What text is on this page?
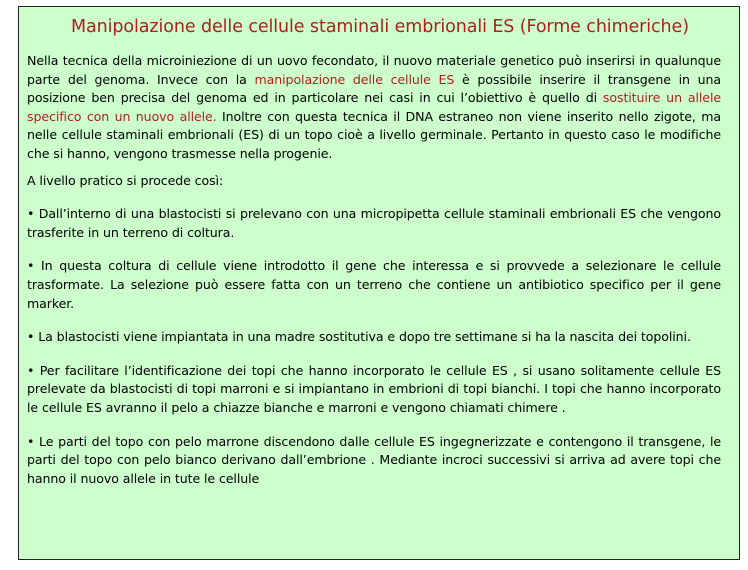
Manipolazione delle cellule staminali embrionali ES (Forme chimeriche)

Nella tecnica della microiniezione di un uovo fecondato, il nuovo materiale genetico può inserirsi in qualunque parte del genoma. Invece con la manipolazione delle cellule ES è possibile inserire il transgene in una posizione ben precisa del genoma ed in particolare nei casi in cui l’obiettivo è quello di sostituire un allele specifico con un nuovo allele. Inoltre con questa tecnica il DNA estraneo non viene inserito nello zigote, ma nelle cellule staminali embrionali (ES) di un topo cioè a livello germinale. Pertanto in questo caso le modifiche che si hanno, vengono trasmesse nella progenie.

A livello pratico si procede così:

• Dall’interno di una blastocisti si prelevano con una micropipetta cellule staminali embrionali ES che vengono trasferite in un terreno di coltura.

• In questa coltura di cellule viene introdotto il gene che interessa e si provvede a selezionare le cellule trasformate. La selezione può essere fatta con un terreno che contiene un antibiotico specifico per il gene marker.

• La blastocisti viene impiantata in una madre sostitutiva e dopo tre settimane si ha la nascita dei topolini.

• Per facilitare l’identificazione dei topi che hanno incorporato le cellule ES , si usano solitamente cellule ES prelevate da blastocisti di topi marroni e si impiantano in embrioni di topi bianchi. I topi che hanno incorporato le cellule ES avranno il pelo a chiazze bianche e marroni e vengono chiamati chimere .

• Le parti del topo con pelo marrone discendono dalle cellule ES ingegnerizzate e contengono il transgene, le parti del topo con pelo bianco derivano dall’embrione . Mediante incroci successivi si arriva ad avere topi che hanno il nuovo allele in tute le cellule
